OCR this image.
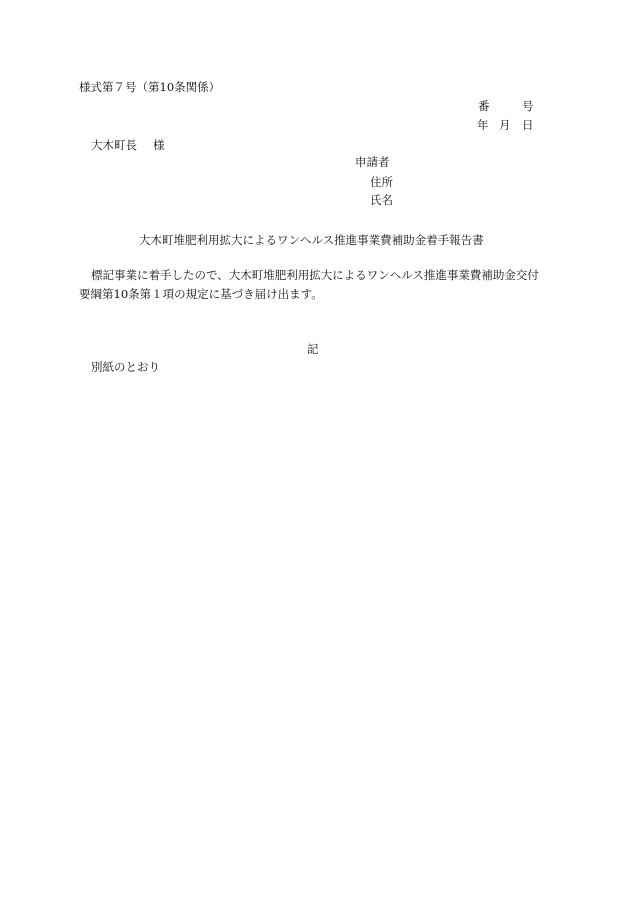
様式第７号（第10条関係）

番	号
年 月 日
大木町長 様
申請者
住所
氏名
大木町堆肥利用拡大によるワンヘルス推進事業費補助金着手報告書

標記事業に着手したので、大木町堆肥利用拡大によるワンヘルス推進事業費補助金交付

要綱第10条第１項の規定に基づき届け出ます。

記

別紙のとおり
